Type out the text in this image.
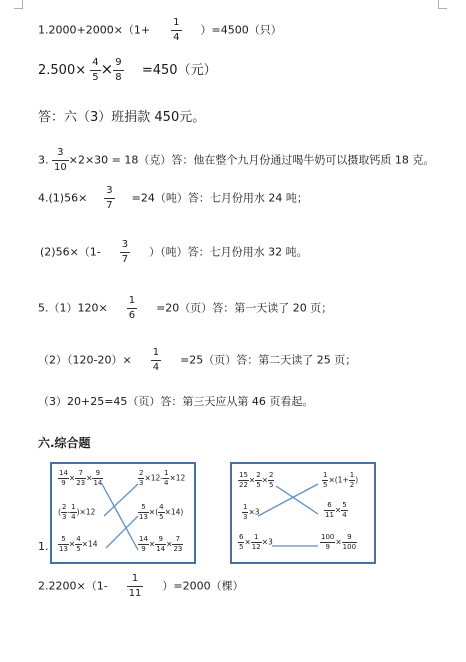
$1.2000+2000\times(1+ \frac{1}{4} )=4500$（只）
$2.500\times \frac{4}{5} \times \frac{9}{8} =450$（元）
答：六（3）班捐款 450元。
3. $\frac{3}{10} \times 2\times 30 = 18$（克）答：他在整个九月份通过喝牛奶可以摄取钙质 18 克。
$4.(1)56\times \frac{3}{7} =24$（吨）答：七月份用水 24 吨；
$(2)56\times(1- \frac{3}{7}$ ）（吨）答：七月份用水 32 吨。
$5.(1)120\times \frac{1}{6} =20$（页）答：第一天读了 20 页；
$(2)(120-20)\times \frac{1}{4} =25$（页）答：第二天读了 25 页；
（3）20+25=45（页）答：第三天应从第 46 页看起。
六.综合题
1.
$\frac{14}{9} \times \frac{7}{23} \times \frac{9}{14}$
( $\frac{2}{3} - \frac{1}{4} )\times 12$
$\frac{5}{13} \times \frac{4}{5} \times 14$
$\frac{2}{3} \times 12- \frac{1}{4} \times 12$
$\frac{5}{13}$ ×( $\frac{4}{5} \times 14$)
$\frac{14}{9} \times \frac{9}{14} \times \frac{7}{23}$
$\frac{15}{22} \times \frac{2}{5} \times \frac{2}{5}$
$\frac{1}{3} \times 3$
$\frac{6}{5} \times \frac{1}{12} \times 3$
$\frac{1}{5} \times(1+ \frac{1}{2}$ )
$\frac{6}{11} \times \frac{5}{4}$
$\frac{100}{9} \times \frac{9}{100}$
$2.2200\times(1- \frac{1}{11} )=2000$（棵）
